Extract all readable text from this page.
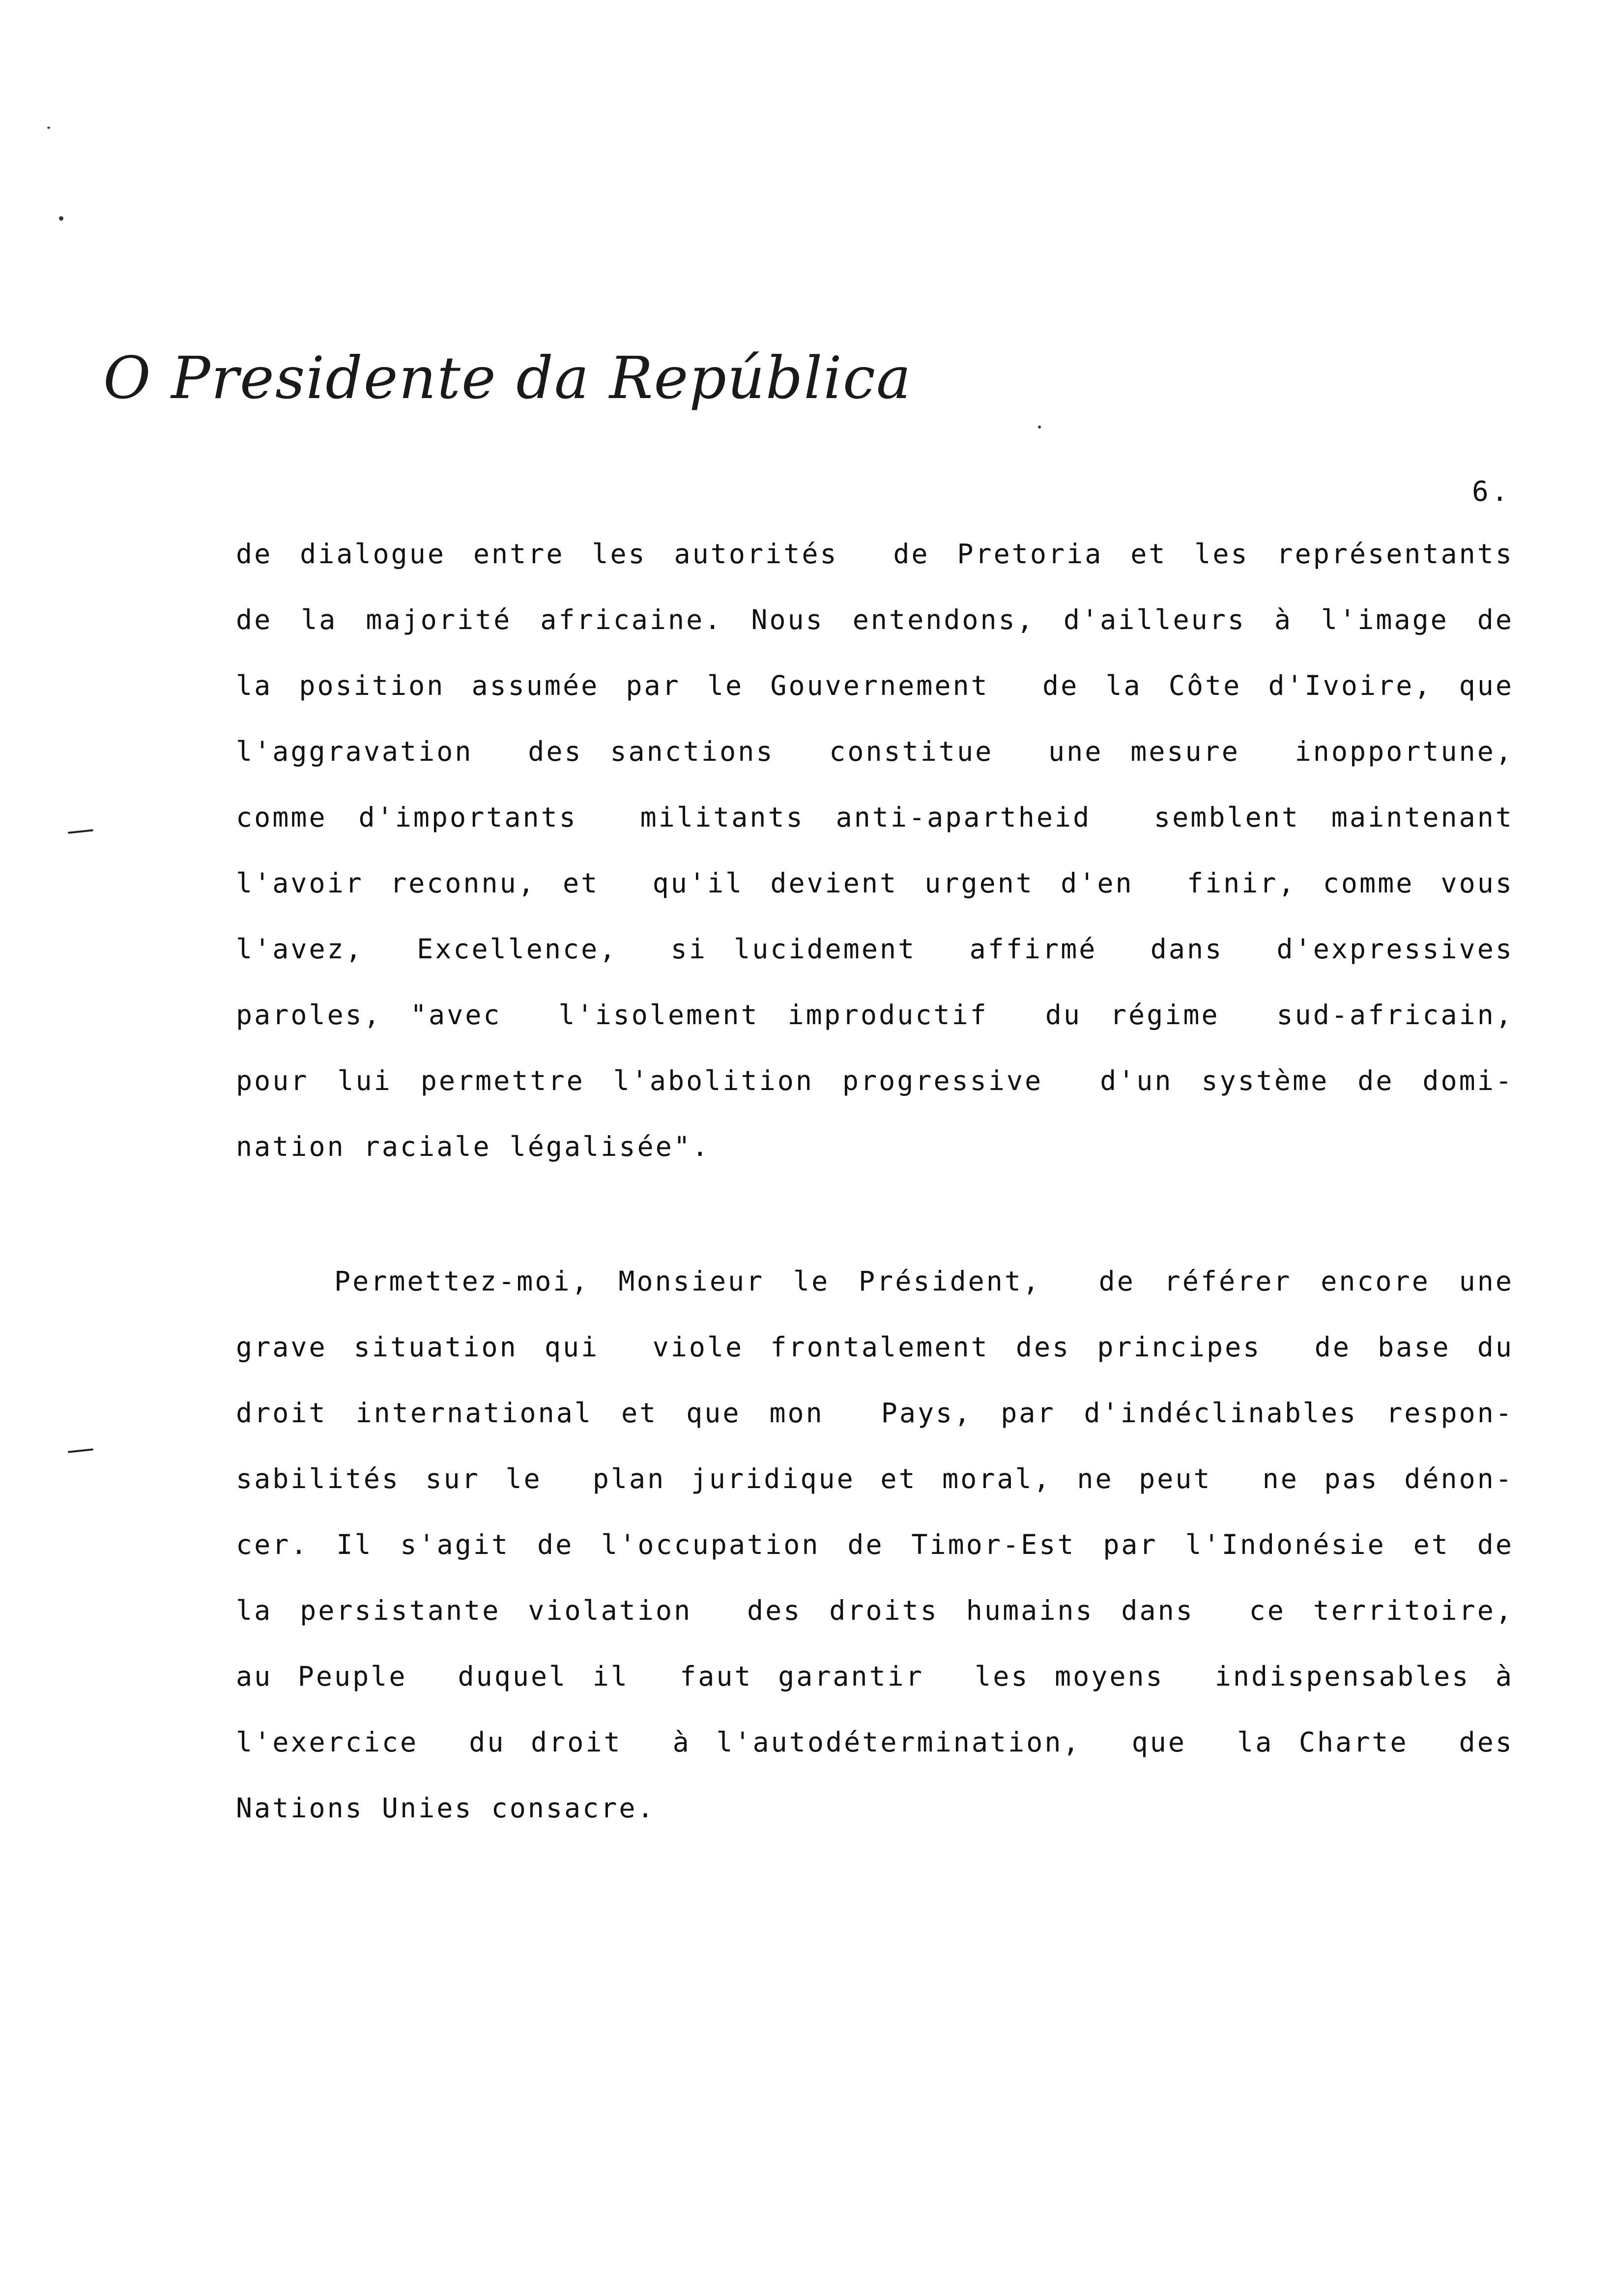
O Presidente da República
6.
de dialogue entre les autorités  de Pretoria et les représentants
de la majorité africaine. Nous entendons, d'ailleurs à l'image de
la position assumée par le Gouvernement  de la Côte d'Ivoire, que
l'aggravation  des sanctions  constitue  une mesure  inopportune,
comme d'importants  militants anti-apartheid  semblent maintenant
l'avoir reconnu, et  qu'il devient urgent d'en  finir, comme vous
l'avez,  Excellence,  si lucidement  affirmé  dans  d'expressives
paroles, "avec  l'isolement improductif  du régime  sud-africain,
pour lui permettre l'abolition progressive  d'un système de domi-
nation raciale légalisée".
Permettez-moi, Monsieur le Président,  de référer encore une
grave situation qui  viole frontalement des principes  de base du
droit international et que mon  Pays, par d'indéclinables respon-
sabilités sur le  plan juridique et moral, ne peut  ne pas dénon-
cer. Il s'agit de l'occupation de Timor-Est par l'Indonésie et de
la persistante violation  des droits humains dans  ce territoire,
au Peuple  duquel il  faut garantir  les moyens  indispensables à
l'exercice  du droit  à l'autodétermination,  que  la Charte  des
Nations Unies consacre.
